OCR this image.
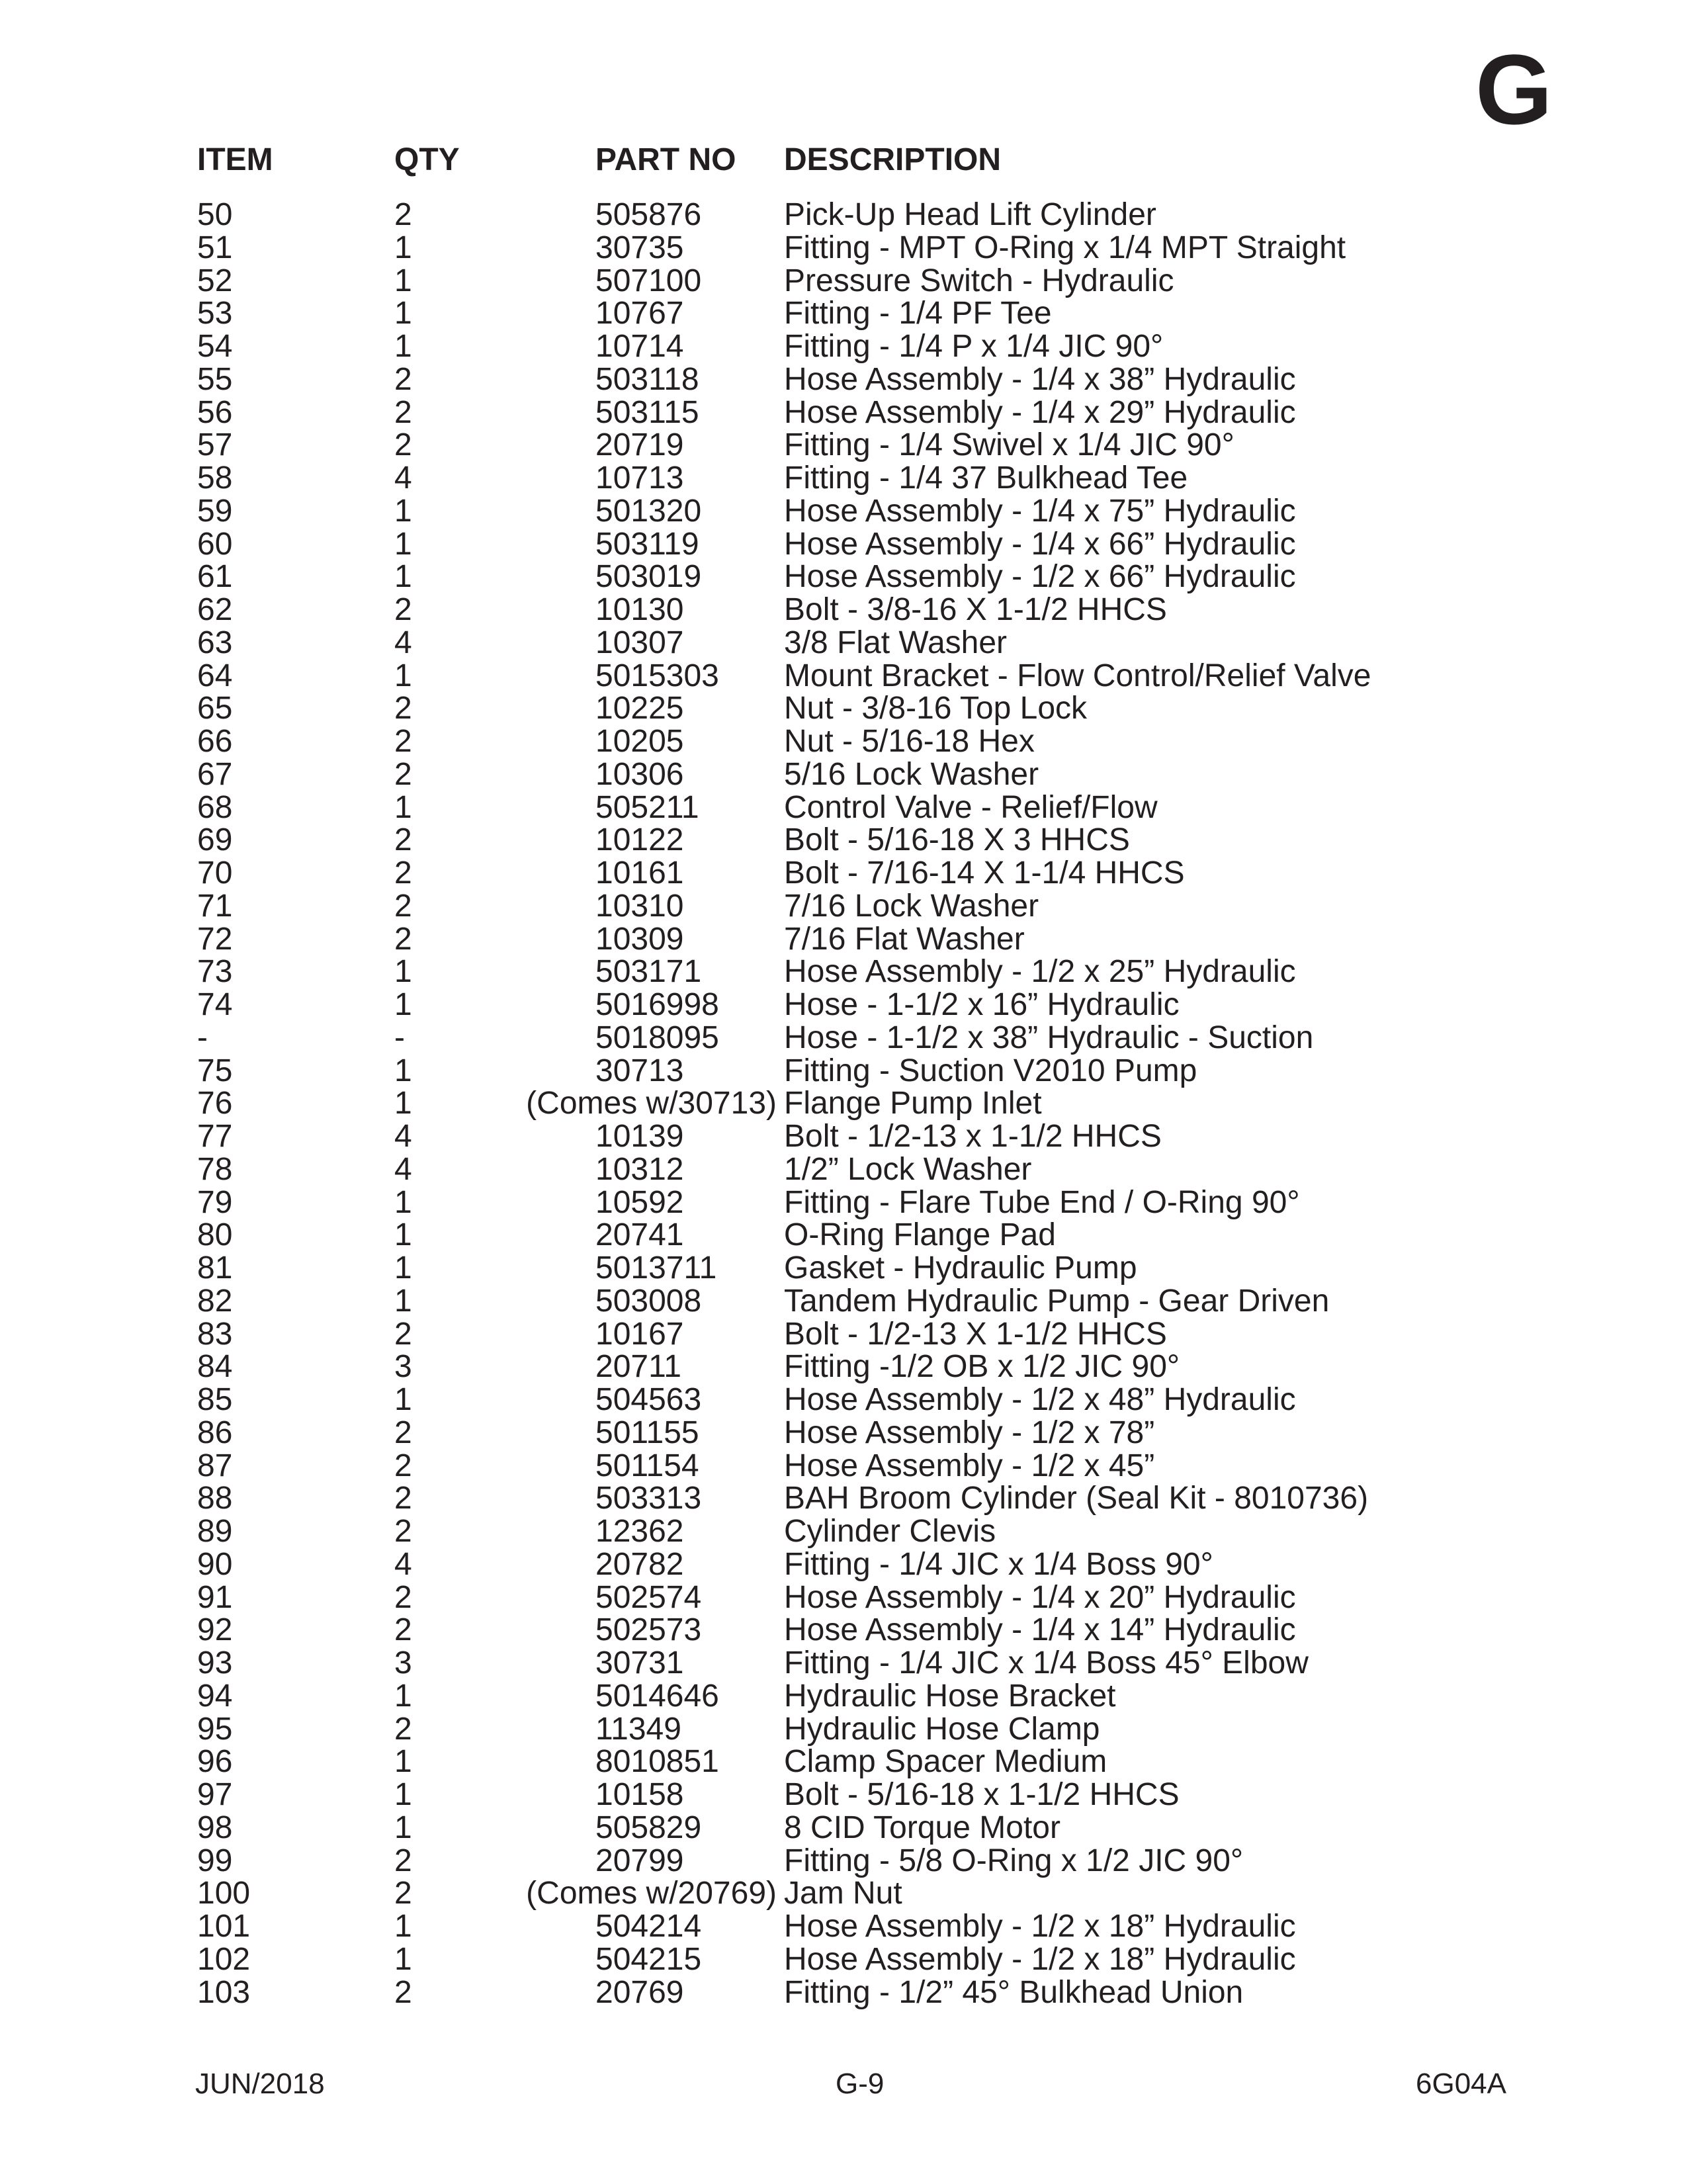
G
ITEM	QTY	PART NO DESCRIPTION
50	2	505876	Pick-Up Head Lift Cylinder
51	1	30735	Fitting - MPT O-Ring x 1/4 MPT Straight
52	1	507100	Pressure Switch - Hydraulic
53	1	10767	Fitting - 1/4 PF Tee
54	1	10714	Fitting - 1/4 P x 1/4 JIC 90°
55	2	503118	Hose Assembly - 1/4 x 38” Hydraulic
56	2	503115	Hose Assembly - 1/4 x 29” Hydraulic
57	2	20719	Fitting - 1/4 Swivel x 1/4 JIC 90°
58	4	10713	Fitting - 1/4 37 Bulkhead Tee
59	1	501320	Hose Assembly - 1/4 x 75” Hydraulic
60	1	503119	Hose Assembly - 1/4 x 66” Hydraulic
61	1	503019	Hose Assembly - 1/2 x 66” Hydraulic
62	2	10130	Bolt - 3/8-16 X 1-1/2 HHCS
63	4	10307	3/8 Flat Washer
64	1	5015303 Mount Bracket - Flow Control/Relief Valve
65	2	10225	Nut - 3/8-16 Top Lock
66	2	10205	Nut - 5/16-18 Hex
67	2	10306	5/16 Lock Washer
68	1	505211	Control Valve - Relief/Flow
69	2	10122	Bolt - 5/16-18 X 3 HHCS
70	2	10161	Bolt - 7/16-14 X 1-1/4 HHCS
71	2	10310	7/16 Lock Washer
72	2	10309	7/16 Flat Washer
73	1	503171	Hose Assembly - 1/2 x 25” Hydraulic
74	1	5016998 Hose - 1-1/2 x 16” Hydraulic
-	-	5018095 Hose - 1-1/2 x 38” Hydraulic - Suction
75	1	30713	Fitting - Suction V2010 Pump
76	1	(Comes w/30713) Flange Pump Inlet
77	4	10139	Bolt - 1/2-13 x 1-1/2 HHCS
78	4	10312	1/2” Lock Washer
79	1	10592	Fitting - Flare Tube End / O-Ring 90°
80	1	20741	O-Ring Flange Pad
81	1	5013711 Gasket - Hydraulic Pump
82	1	503008	Tandem Hydraulic Pump - Gear Driven
83	2	10167	Bolt - 1/2-13 X 1-1/2 HHCS
84	3	20711	Fitting -1/2 OB x 1/2 JIC 90°
85	1	504563	Hose Assembly - 1/2 x 48” Hydraulic
86	2	501155	Hose Assembly - 1/2 x 78”
87	2	501154	Hose Assembly - 1/2 x 45”
88	2	503313	BAH Broom Cylinder (Seal Kit - 8010736)
89	2	12362	Cylinder Clevis
90	4	20782	Fitting - 1/4 JIC x 1/4 Boss 90°
91	2	502574	Hose Assembly - 1/4 x 20” Hydraulic
92	2	502573	Hose Assembly - 1/4 x 14” Hydraulic
93	3	30731	Fitting - 1/4 JIC x 1/4 Boss 45° Elbow
94	1	5014646 Hydraulic Hose Bracket
95	2	11349	Hydraulic Hose Clamp
96	1	8010851 Clamp Spacer Medium
97	1	10158	Bolt - 5/16-18 x 1-1/2 HHCS
98	1	505829	8 CID Torque Motor
99	2	20799	Fitting - 5/8 O-Ring x 1/2 JIC 90°
100	2	(Comes w/20769) Jam Nut
101	1	504214	Hose Assembly - 1/2 x 18” Hydraulic
102	1	504215	Hose Assembly - 1/2 x 18” Hydraulic
103	2	20769	Fitting - 1/2” 45° Bulkhead Union
JUN/2018	G-9	6G04A
